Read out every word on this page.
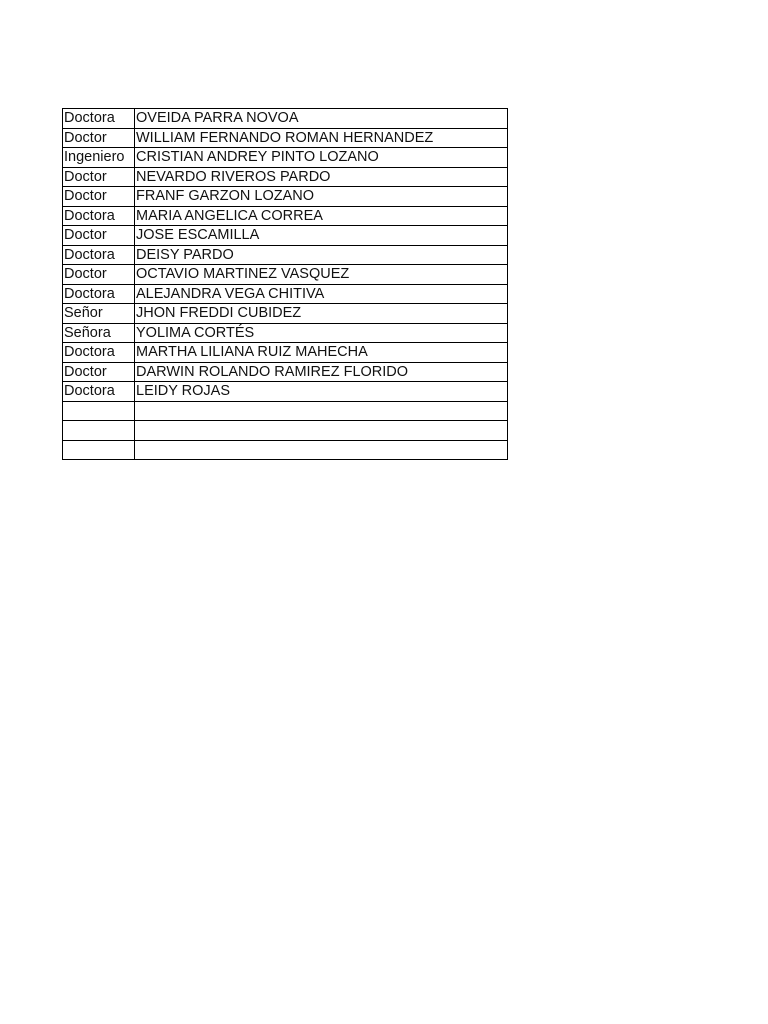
Doctora	OVEIDA PARRA NOVOA
Doctor	WILLIAM FERNANDO ROMAN HERNANDEZ
Ingeniero	CRISTIAN ANDREY PINTO LOZANO
Doctor	NEVARDO RIVEROS PARDO
Doctor	FRANF GARZON LOZANO
Doctora	MARIA ANGELICA CORREA
Doctor	JOSE ESCAMILLA
Doctora	DEISY PARDO
Doctor	OCTAVIO MARTINEZ VASQUEZ
Doctora	ALEJANDRA VEGA CHITIVA
Señor	JHON FREDDI CUBIDEZ
Señora	YOLIMA CORTÉS
Doctora	MARTHA LILIANA RUIZ MAHECHA
Doctor	DARWIN ROLANDO RAMIREZ FLORIDO
Doctora	LEIDY ROJAS
